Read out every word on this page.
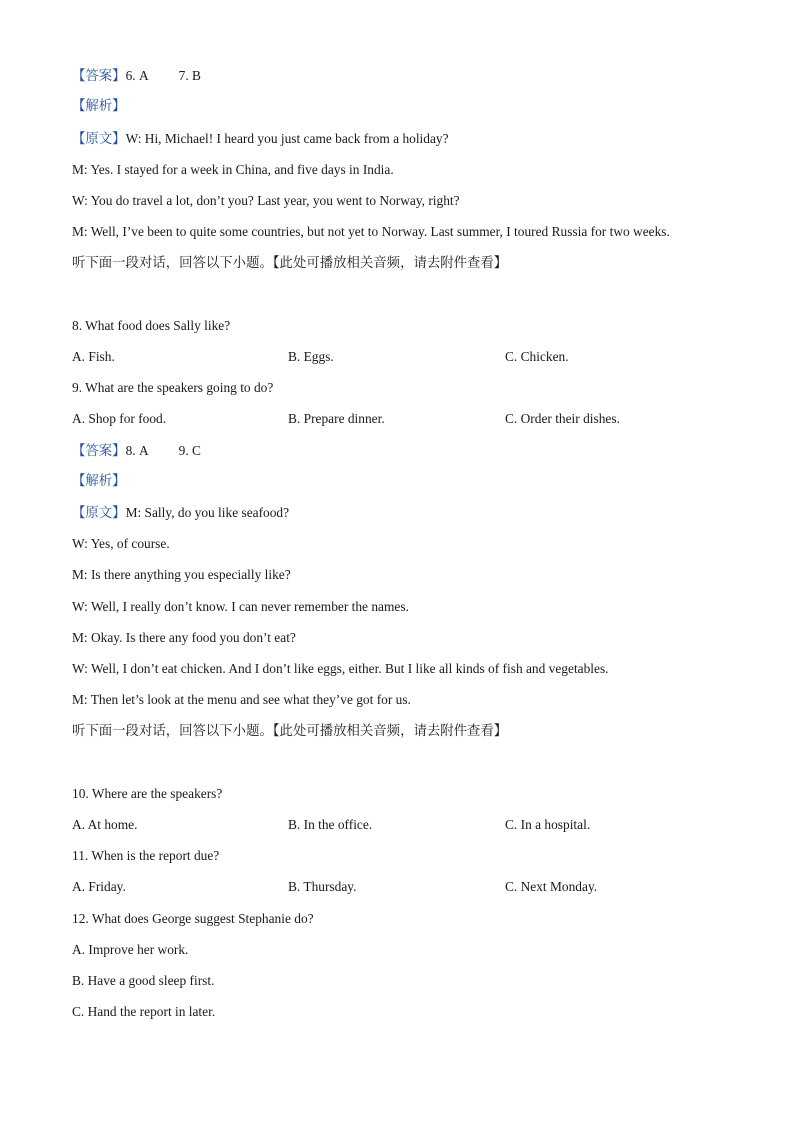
【答案】6. A 7. B
【解析】
【原文】W: Hi, Michael! I heard you just came back from a holiday?
M: Yes. I stayed for a week in China, and five days in India.
W: You do travel a lot, don’t you? Last year, you went to Norway, right?
M: Well, I’ve been to quite some countries, but not yet to Norway. Last summer, I toured Russia for two weeks.
听下面一段对话，回答以下小题。【此处可播放相关音频，请去附件查看】
8. What food does Sally like?
A. Fish.	B. Eggs.	C. Chicken.
9. What are the speakers going to do?
A. Shop for food.	B. Prepare dinner.	C. Order their dishes.
【答案】8. A 9. C
【解析】
【原文】M: Sally, do you like seafood?
W: Yes, of course.
M: Is there anything you especially like?
W: Well, I really don’t know. I can never remember the names.
M: Okay. Is there any food you don’t eat?
W: Well, I don’t eat chicken. And I don’t like eggs, either. But I like all kinds of fish and vegetables.
M: Then let’s look at the menu and see what they’ve got for us.
听下面一段对话，回答以下小题。【此处可播放相关音频，请去附件查看】
10. Where are the speakers?
A. At home.	B. In the office.	C. In a hospital.
11. When is the report due?
A. Friday.	B. Thursday.	C. Next Monday.
12. What does George suggest Stephanie do?
A. Improve her work.
B. Have a good sleep first.
C. Hand the report in later.
